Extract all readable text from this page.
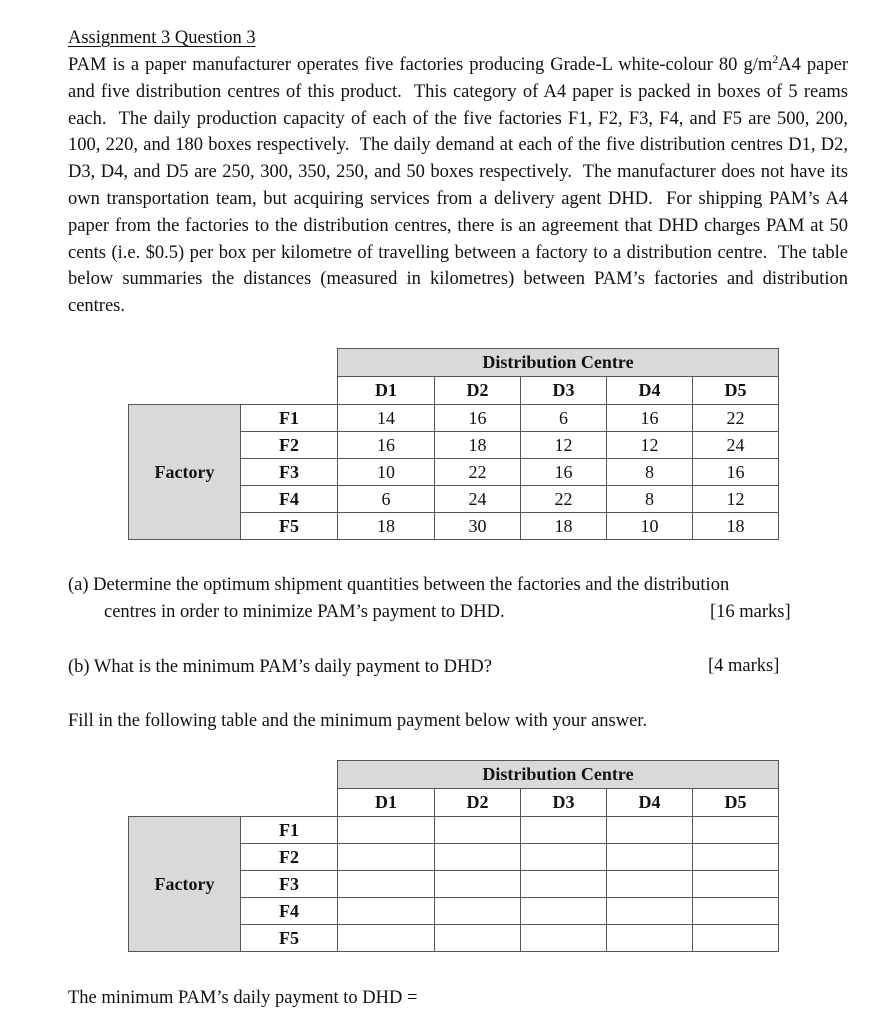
Assignment 3 Question 3
PAM is a paper manufacturer operates five factories producing Grade-L white-colour 80 $g/m^2A4$ paper and five distribution centres of this product.  This category of A4 paper is packed in boxes of 5 reams each.  The daily production capacity of each of the five factories F1, F2, F3, F4, and F5 are 500, 200, 100, 220, and 180 boxes respectively.  The daily demand at each of the five distribution centres D1, D2, D3, D4, and D5 are 250, 300, 350, 250, and 50 boxes respectively.  The manufacturer does not have its own transportation team, but acquiring services from a delivery agent DHD.  For shipping PAM’s A4 paper from the factories to the distribution centres, there is an agreement that DHD charges PAM at 50 cents (i.e. $0.5) per box per kilometre of travelling between a factory to a distribution centre.  The table below summaries the distances (measured in kilometres) between PAM’s factories and distribution centres.
		Distribution Centre				
		D1	D2	D3	D4	D5
Factory	F1	14	16	6	16	22
	F2	16	18	12	12	24
	F3	10	22	16	8	16
	F4	6	24	22	8	12
	F5	18	30	18	10	18
(a) Determine the optimum shipment quantities between the factories and the distribution
centres in order to minimize PAM’s payment to DHD.	[16 marks]
(b) What is the minimum PAM’s daily payment to DHD?	[4 marks]
Fill in the following table and the minimum payment below with your answer.
		Distribution Centre				
		D1	D2	D3	D4	D5
Factory	F1					
	F2					
	F3					
	F4					
	F5					
The minimum PAM’s daily payment to DHD =
